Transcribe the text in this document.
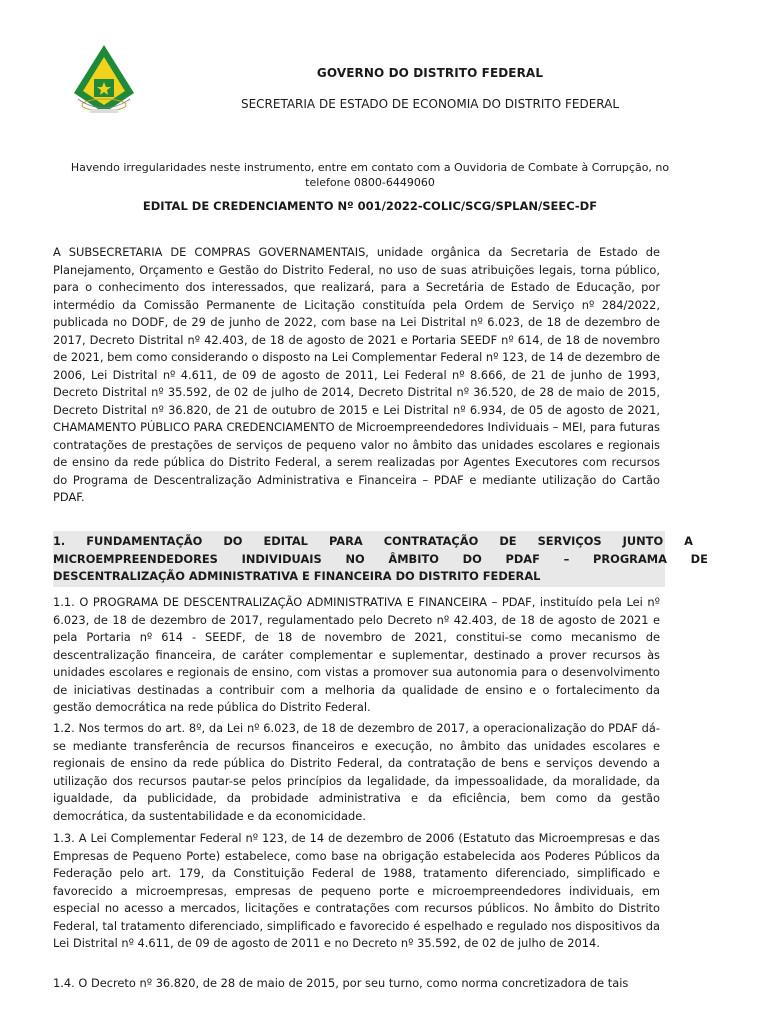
GOVERNO DO DISTRITO FEDERAL
SECRETARIA DE ESTADO DE ECONOMIA DO DISTRITO FEDERAL
Havendo irregularidades neste instrumento, entre em contato com a Ouvidoria de Combate à Corrupção, no telefone 0800-6449060
EDITAL DE CREDENCIAMENTO Nº 001/2022-COLIC/SCG/SPLAN/SEEC-DF

A SUBSECRETARIA DE COMPRAS GOVERNAMENTAIS, unidade orgânica da Secretaria de Estado de Planejamento, Orçamento e Gestão do Distrito Federal, no uso de suas atribuições legais, torna público, para o conhecimento dos interessados, que realizará, para a Secretária de Estado de Educação, por intermédio da Comissão Permanente de Licitação constituída pela Ordem de Serviço nº 284/2022, publicada no DODF, de 29 de junho de 2022, com base na Lei Distrital nº 6.023, de 18 de dezembro de 2017, Decreto Distrital nº 42.403, de 18 de agosto de 2021 e Portaria SEEDF nº 614, de 18 de novembro de 2021, bem como considerando o disposto na Lei Complementar Federal nº 123, de 14 de dezembro de 2006, Lei Distrital nº 4.611, de 09 de agosto de 2011, Lei Federal nº 8.666, de 21 de junho de 1993, Decreto Distrital nº 35.592, de 02 de julho de 2014, Decreto Distrital nº 36.520, de 28 de maio de 2015, Decreto Distrital nº 36.820, de 21 de outubro de 2015 e Lei Distrital nº 6.934, de 05 de agosto de 2021, CHAMAMENTO PÚBLICO PARA CREDENCIAMENTO de Microempreendedores Individuais – MEI, para futuras contratações de prestações de serviços de pequeno valor no âmbito das unidades escolares e regionais de ensino da rede pública do Distrito Federal, a serem realizadas por Agentes Executores com recursos do Programa de Descentralização Administrativa e Financeira – PDAF e mediante utilização do Cartão PDAF.

1. FUNDAMENTAÇÃO DO EDITAL PARA CONTRATAÇÃO DE SERVIÇOS JUNTO A
MICROEMPREENDEDORES INDIVIDUAIS NO ÂMBITO DO PDAF – PROGRAMA DE
DESCENTRALIZAÇÃO ADMINISTRATIVA E FINANCEIRA DO DISTRITO FEDERAL

1.1. O PROGRAMA DE DESCENTRALIZAÇÃO ADMINISTRATIVA E FINANCEIRA – PDAF, instituído pela Lei nº 6.023, de 18 de dezembro de 2017, regulamentado pelo Decreto nº 42.403, de 18 de agosto de 2021 e pela Portaria nº 614 - SEEDF, de 18 de novembro de 2021, constitui-se como mecanismo de descentralização financeira, de caráter complementar e suplementar, destinado a prover recursos às unidades escolares e regionais de ensino, com vistas a promover sua autonomia para o desenvolvimento de iniciativas destinadas a contribuir com a melhoria da qualidade de ensino e o fortalecimento da gestão democrática na rede pública do Distrito Federal.

1.2. Nos termos do art. 8º, da Lei nº 6.023, de 18 de dezembro de 2017, a operacionalização do PDAF dá-se mediante transferência de recursos financeiros e execução, no âmbito das unidades escolares e regionais de ensino da rede pública do Distrito Federal, da contratação de bens e serviços devendo a utilização dos recursos pautar-se pelos princípios da legalidade, da impessoalidade, da moralidade, da igualdade, da publicidade, da probidade administrativa e da eficiência, bem como da gestão democrática, da sustentabilidade e da economicidade.

1.3. A Lei Complementar Federal nº 123, de 14 de dezembro de 2006 (Estatuto das Microempresas e das Empresas de Pequeno Porte) estabelece, como base na obrigação estabelecida aos Poderes Públicos da Federação pelo art. 179, da Constituição Federal de 1988, tratamento diferenciado, simplificado e favorecido a microempresas, empresas de pequeno porte e microempreendedores individuais, em especial no acesso a mercados, licitações e contratações com recursos públicos. No âmbito do Distrito Federal, tal tratamento diferenciado, simplificado e favorecido é espelhado e regulado nos dispositivos da Lei Distrital nº 4.611, de 09 de agosto de 2011 e no Decreto nº 35.592, de 02 de julho de 2014.

1.4. O Decreto nº 36.820, de 28 de maio de 2015, por seu turno, como norma concretizadora de tais
